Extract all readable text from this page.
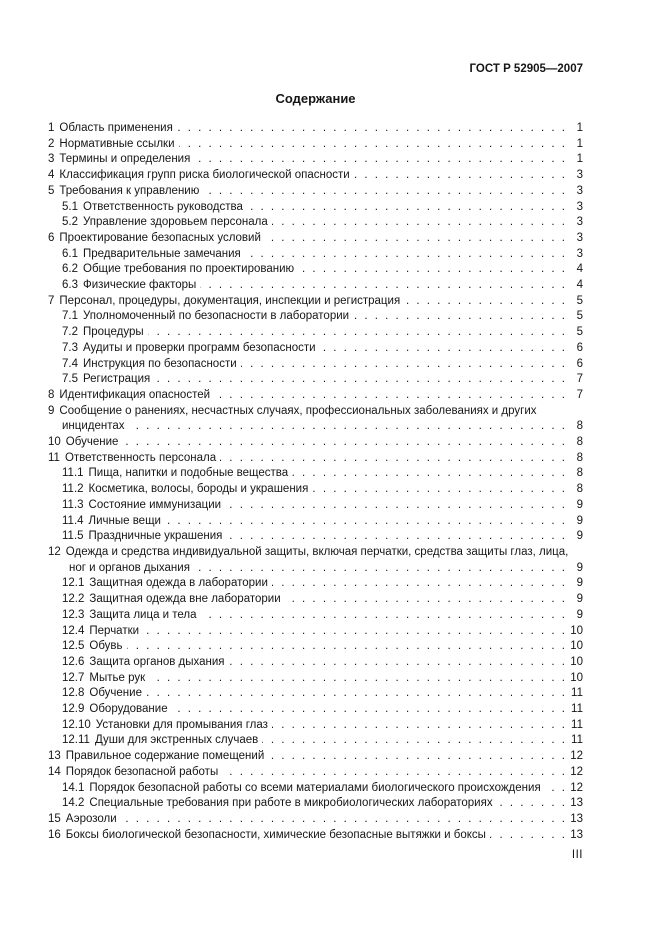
ГОСТ Р 52905—2007
Содержание
1 Область применения . . .	1
2 Нормативные ссылки . . .	1
3 Термины и определения . . .	1
4 Классификация групп риска биологической опасности . . .	3
5 Требования к управлению . . .	3
5.1 Ответственность руководства . . .	3
5.2 Управление здоровьем персонала . . .	3
6 Проектирование безопасных условий . . .	3
6.1 Предварительные замечания . . .	3
6.2 Общие требования по проектированию . . .	4
6.3 Физические факторы . . .	4
7 Персонал, процедуры, документация, инспекции и регистрация . . .	5
7.1 Уполномоченный по безопасности в лаборатории . . .	5
7.2 Процедуры . . .	5
7.3 Аудиты и проверки программ безопасности . . .	6
7.4 Инструкция по безопасности . . .	6
7.5 Регистрация . . .	7
8 Идентификация опасностей . . .	7
9 Сообщение о ранениях, несчастных случаях, профессиональных заболеваниях и других
инцидентах . . .	8
10 Обучение . . .	8
11 Ответственность персонала . . .	8
11.1 Пища, напитки и подобные вещества . . .	8
11.2 Косметика, волосы, бороды и украшения . . .	8
11.3 Состояние иммунизации . . .	9
11.4 Личные вещи . . .	9
11.5 Праздничные украшения . . .	9
12 Одежда и средства индивидуальной защиты, включая перчатки, средства защиты глаз, лица,
ног и органов дыхания . . .	9
12.1 Защитная одежда в лаборатории . . .	9
12.2 Защитная одежда вне лаборатории . . .	9
12.3 Защита лица и тела . . .	9
12.4 Перчатки . . .	10
12.5 Обувь . . .	10
12.6 Защита органов дыхания . . .	10
12.7 Мытье рук . . .	10
12.8 Обучение . . .	11
12.9 Оборудование . . .	11
12.10 Установки для промывания глаз . . .	11
12.11 Души для экстренных случаев . . .	11
13 Правильное содержание помещений . . .	12
14 Порядок безопасной работы . . .	12
14.1 Порядок безопасной работы со всеми материалами биологического происхождения . . .	12
14.2 Специальные требования при работе в микробиологических лабораториях . . .	13
15 Аэрозоли . . .	13
16 Боксы биологической безопасности, химические безопасные вытяжки и боксы . . .	13
III
